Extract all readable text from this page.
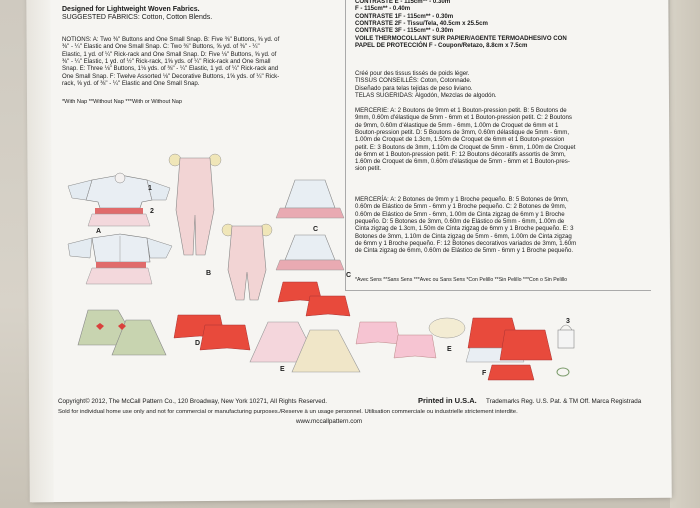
Designed for Lightweight Woven Fabrics.
SUGGESTED FABRICS: Cotton, Cotton Blends.
NOTIONS: A: Two ⅜" Buttons and One Small Snap. B: Five ⅜" Buttons, ⅝ yd. of
⅜" - ¼" Elastic and One Small Snap. C: Two ⅜" Buttons, ⅝ yd. of ⅜" - ¼"
Elastic, 1 yd. of ¼" Rick-rack and One Small Snap. D: Five ⅛" Buttons, ⅝ yd. of
⅜" - ¼" Elastic, 1 yd. of ½" Rick-rack, 1⅝ yds. of ¼" Rick-rack and One Small
Snap. E: Three ⅛" Buttons, 1⅛ yds. of ⅜" - ¼" Elastic, 1 yd. of ¼" Rick-rack and
One Small Snap. F: Twelve Assorted ⅛" Decorative Buttons, 1⅝ yds. of ¼" Rick-
rack, ⅝ yd. of ⅜" - ¼" Elastic and One Small Snap.
*With Nap **Without Nap ***With or Without Nap
CONTRASTE E - 115cm** - 0.30m
F - 115cm** - 0.40m
CONTRASTE 1F - 115cm** - 0.30m
CONTRASTE 2F - Tissu/Tela, 40.5cm x 25.5cm
CONTRASTE 3F - 115cm** - 0.30m
VOILE THERMOCOLLANT SUR PAPIER/AGENTE TERMOADHESIVO CON
PAPEL DE PROTECCIÓN F - Coupon/Retazo, 8.8cm x 7.5cm
Créé pour des tissus tissés de poids léger.
TISSUS CONSEILLÉS: Coton, Cotonnade.
Diseñado para telas tejidas de peso liviano.
TELAS SUGERIDAS: Algodón, Mezclas de algodón.
MERCERIE: A: 2 Boutons de 9mm et 1 Bouton-pression petit. B: 5 Boutons de
9mm, 0.60m d'élastique de 5mm - 6mm et 1 Bouton-pression petit. C: 2 Boutons
de 9mm, 0.60m d'élastique de 5mm - 6mm, 1.00m de Croquet de 6mm et 1
Bouton-pression petit. D: 5 Boutons de 3mm, 0.60m délastique de 5mm - 6mm,
1.00m de Croquet de 1.3cm, 1.50m de Croquet de 6mm et 1 Bouton-pression
petit. E: 3 Boutons de 3mm, 1.10m de Croquet de 5mm - 6mm, 1.00m de Croquet
de 6mm et 1 Bouton-pression petit. F: 12 Boutons décoratifs assortis de 3mm,
1.60m de Croquet de 6mm, 0.60m d'élastique de 5mm - 6mm et 1 Bouton-pres-
sion petit.
MERCERÍA: A: 2 Botones de 9mm y 1 Broche pequeño. B: 5 Botones de 9mm,
0.60m de Elástico de 5mm - 6mm y 1 Broche pequeño. C: 2 Botones de 9mm,
0.60m de Elástico de 5mm - 6mm, 1.00m de Cinta zigzag de 6mm y 1 Broche
pequeño. D: 5 Botones de 3mm, 0.60m de Elástico de 5mm - 6mm, 1.00m de
Cinta zigzag de 1.3cm, 1.50m de Cinta zigzag de 6mm y 1 Broche pequeño. E: 3
Botones de 3mm, 1.10m de Cinta zigzag de 5mm - 6mm, 1.00m de Cinta zigzag
de 6mm y 1 Broche pequeño. F: 12 Botones decorativos variados de 3mm, 1.60m
de Cinta zigzag de 6mm, 0.60m de Elástico de 5mm - 6mm y 1 Broche pequeño.
*Avec Sens **Sans Sens ***Avec ou Sans Sens *Con Pelillo **Sin Pelillo ***Con o Sin Pelillo
A
B
C
C
D
E
E
F
1
2
3
Copyright© 2012, The McCall Pattern Co., 120 Broadway, New York 10271, All Rights Reserved.	Printed in U.S.A. Trademarks Reg. U.S. Pat. & TM Off. Marca Registrada
Sold for individual home use only and not for commercial or manufacturing purposes./Reserve à un usage personnel. Utilisation commerciale ou industrielle strictement interdite.
www.mccallpattern.com
